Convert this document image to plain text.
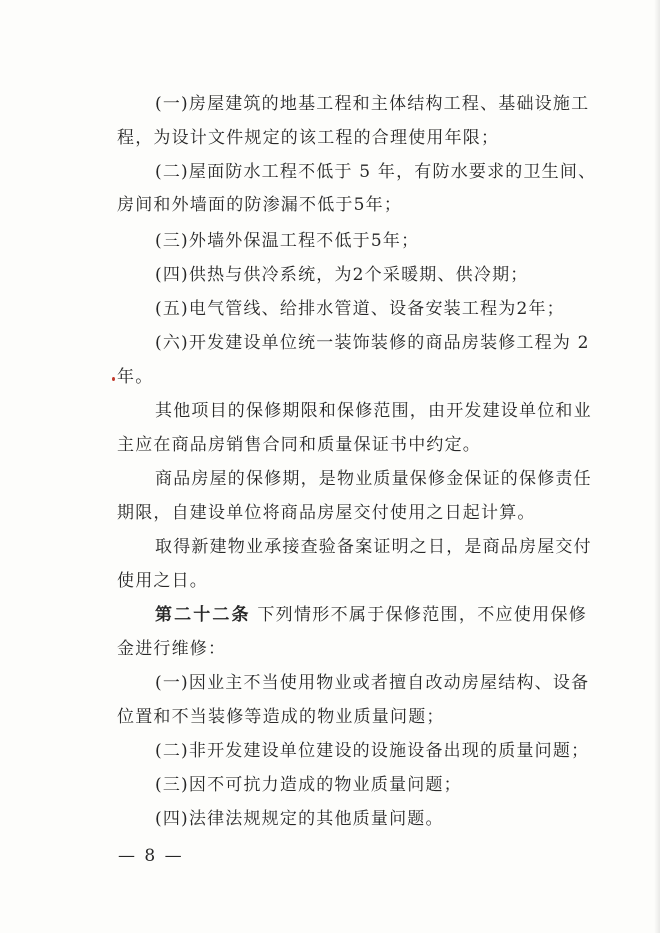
(一)房屋建筑的地基工程和主体结构工程、基础设施工
程，为设计文件规定的该工程的合理使用年限；
(二)屋面防水工程不低于 5 年，有防水要求的卫生间、
房间和外墙面的防渗漏不低于5年；
(三)外墙外保温工程不低于5年；
(四)供热与供冷系统，为2个采暖期、供冷期；
(五)电气管线、给排水管道、设备安装工程为2年；
(六)开发建设单位统一装饰装修的商品房装修工程为 2
年。
其他项目的保修期限和保修范围，由开发建设单位和业
主应在商品房销售合同和质量保证书中约定。
商品房屋的保修期，是物业质量保修金保证的保修责任
期限，自建设单位将商品房屋交付使用之日起计算。
取得新建物业承接查验备案证明之日，是商品房屋交付
使用之日。
第二十二条 下列情形不属于保修范围，不应使用保修
金进行维修：
(一)因业主不当使用物业或者擅自改动房屋结构、设备
位置和不当装修等造成的物业质量问题；
(二)非开发建设单位建设的设施设备出现的质量问题；
(三)因不可抗力造成的物业质量问题；
(四)法律法规规定的其他质量问题。
— 8 —
